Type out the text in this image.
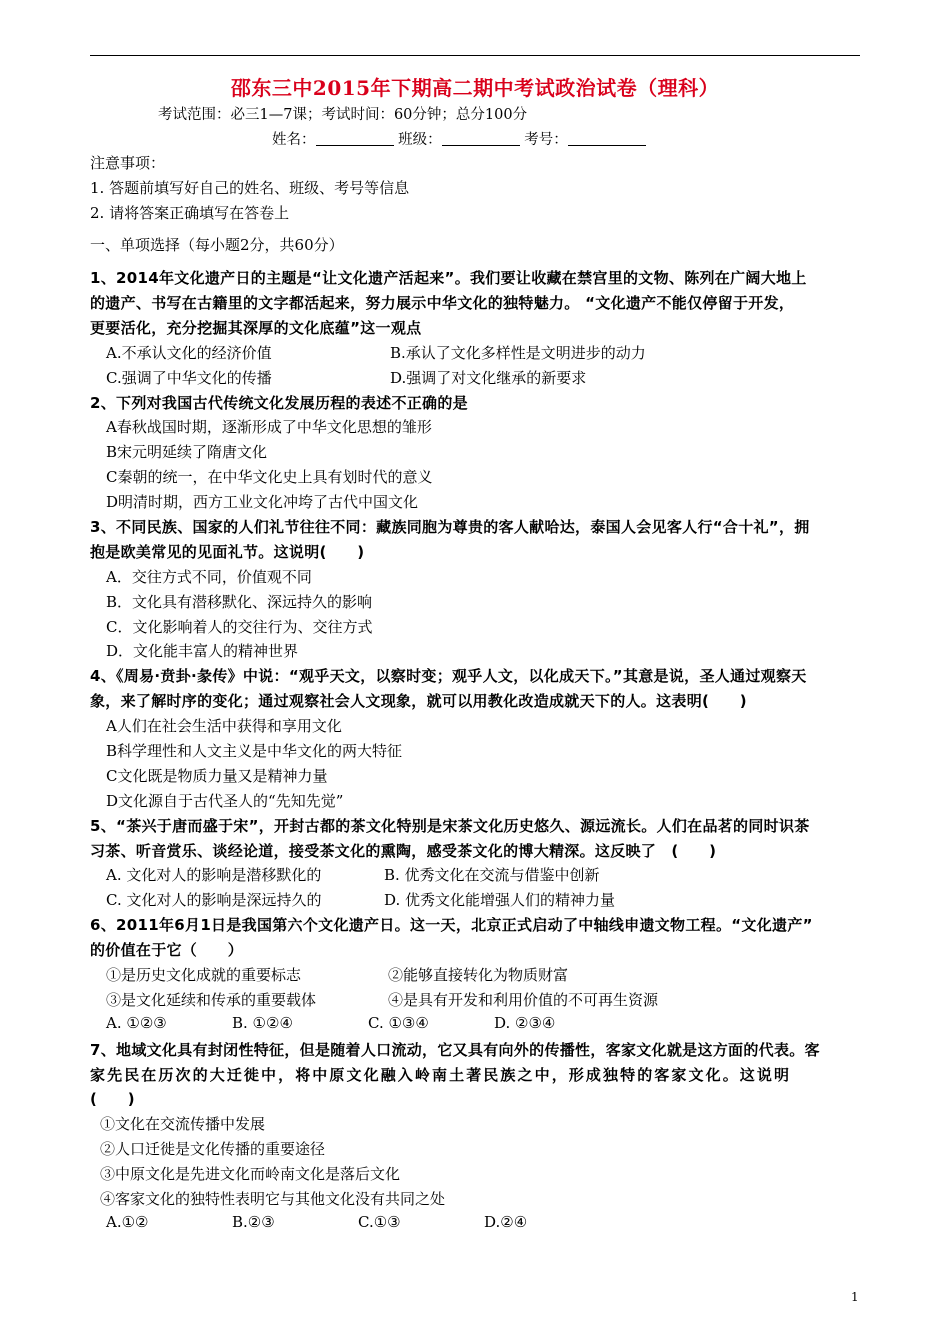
邵东三中2015年下期高二期中考试政治试卷（理科）
考试范围：必三1—7课；考试时间：60分钟；总分100分
姓名：	班级：	考号：
注意事项：
1. 答题前填写好自己的姓名、班级、考号等信息
2. 请将答案正确填写在答卷上
一、单项选择（每小题2分，共60分）
1、2014年文化遗产日的主题是“让文化遗产活起来”。我们要让收藏在禁宫里的文物、陈列在广阔大地上
的遗产、书写在古籍里的文字都活起来，努力展示中华文化的独特魅力。 “文化遗产不能仅停留于开发，
更要活化，充分挖掘其深厚的文化底蕴”这一观点
A.不承认文化的经济价值	B.承认了文化多样性是文明进步的动力
C.强调了中华文化的传播	D.强调了对文化继承的新要求
2、下列对我国古代传统文化发展历程的表述不正确的是
A春秋战国时期，逐渐形成了中华文化思想的雏形
B宋元明延续了隋唐文化
C秦朝的统一，在中华文化史上具有划时代的意义
D明清时期，西方工业文化冲垮了古代中国文化
3、不同民族、国家的人们礼节往往不同：藏族同胞为尊贵的客人献哈达，泰国人会见客人行“合十礼”，拥
抱是欧美常见的见面礼节。这说明(　　)
A．交往方式不同，价值观不同
B．文化具有潜移默化、深远持久的影响
C．文化影响着人的交往行为、交往方式
D．文化能丰富人的精神世界
4、《周易·贲卦·彖传》中说：“观乎天文，以察时变；观乎人文，以化成天下。”其意是说，圣人通过观察天
象，来了解时序的变化；通过观察社会人文现象，就可以用教化改造成就天下的人。这表明(　　)
A人们在社会生活中获得和享用文化
B科学理性和人文主义是中华文化的两大特征
C文化既是物质力量又是精神力量
D文化源自于古代圣人的“先知先觉”
5、“茶兴于唐而盛于宋”，开封古都的茶文化特别是宋茶文化历史悠久、源远流长。人们在品茗的同时识茶
习茶、听音赏乐、谈经论道，接受茶文化的熏陶，感受茶文化的博大精深。这反映了　(　　)
A. 文化对人的影响是潜移默化的	B. 优秀文化在交流与借鉴中创新
C. 文化对人的影响是深远持久的	D. 优秀文化能增强人们的精神力量
6、2011年6月1日是我国第六个文化遗产日。这一天，北京正式启动了中轴线申遗文物工程。“文化遗产”
的价值在于它（　　）
①是历史文化成就的重要标志	②能够直接转化为物质财富
③是文化延续和传承的重要载体	④是具有开发和利用价值的不可再生资源
A. ①②③	B. ①②④	C. ①③④	D. ②③④
7、地域文化具有封闭性特征，但是随着人口流动，它又具有向外的传播性，客家文化就是这方面的代表。客
家先民在历次的大迁徙中，将中原文化融入岭南土著民族之中，形成独特的客家文化。这说明
(　　)
①文化在交流传播中发展
②人口迁徙是文化传播的重要途径
③中原文化是先进文化而岭南文化是落后文化
④客家文化的独特性表明它与其他文化没有共同之处
A.①②	B.②③	C.①③	D.②④
1
